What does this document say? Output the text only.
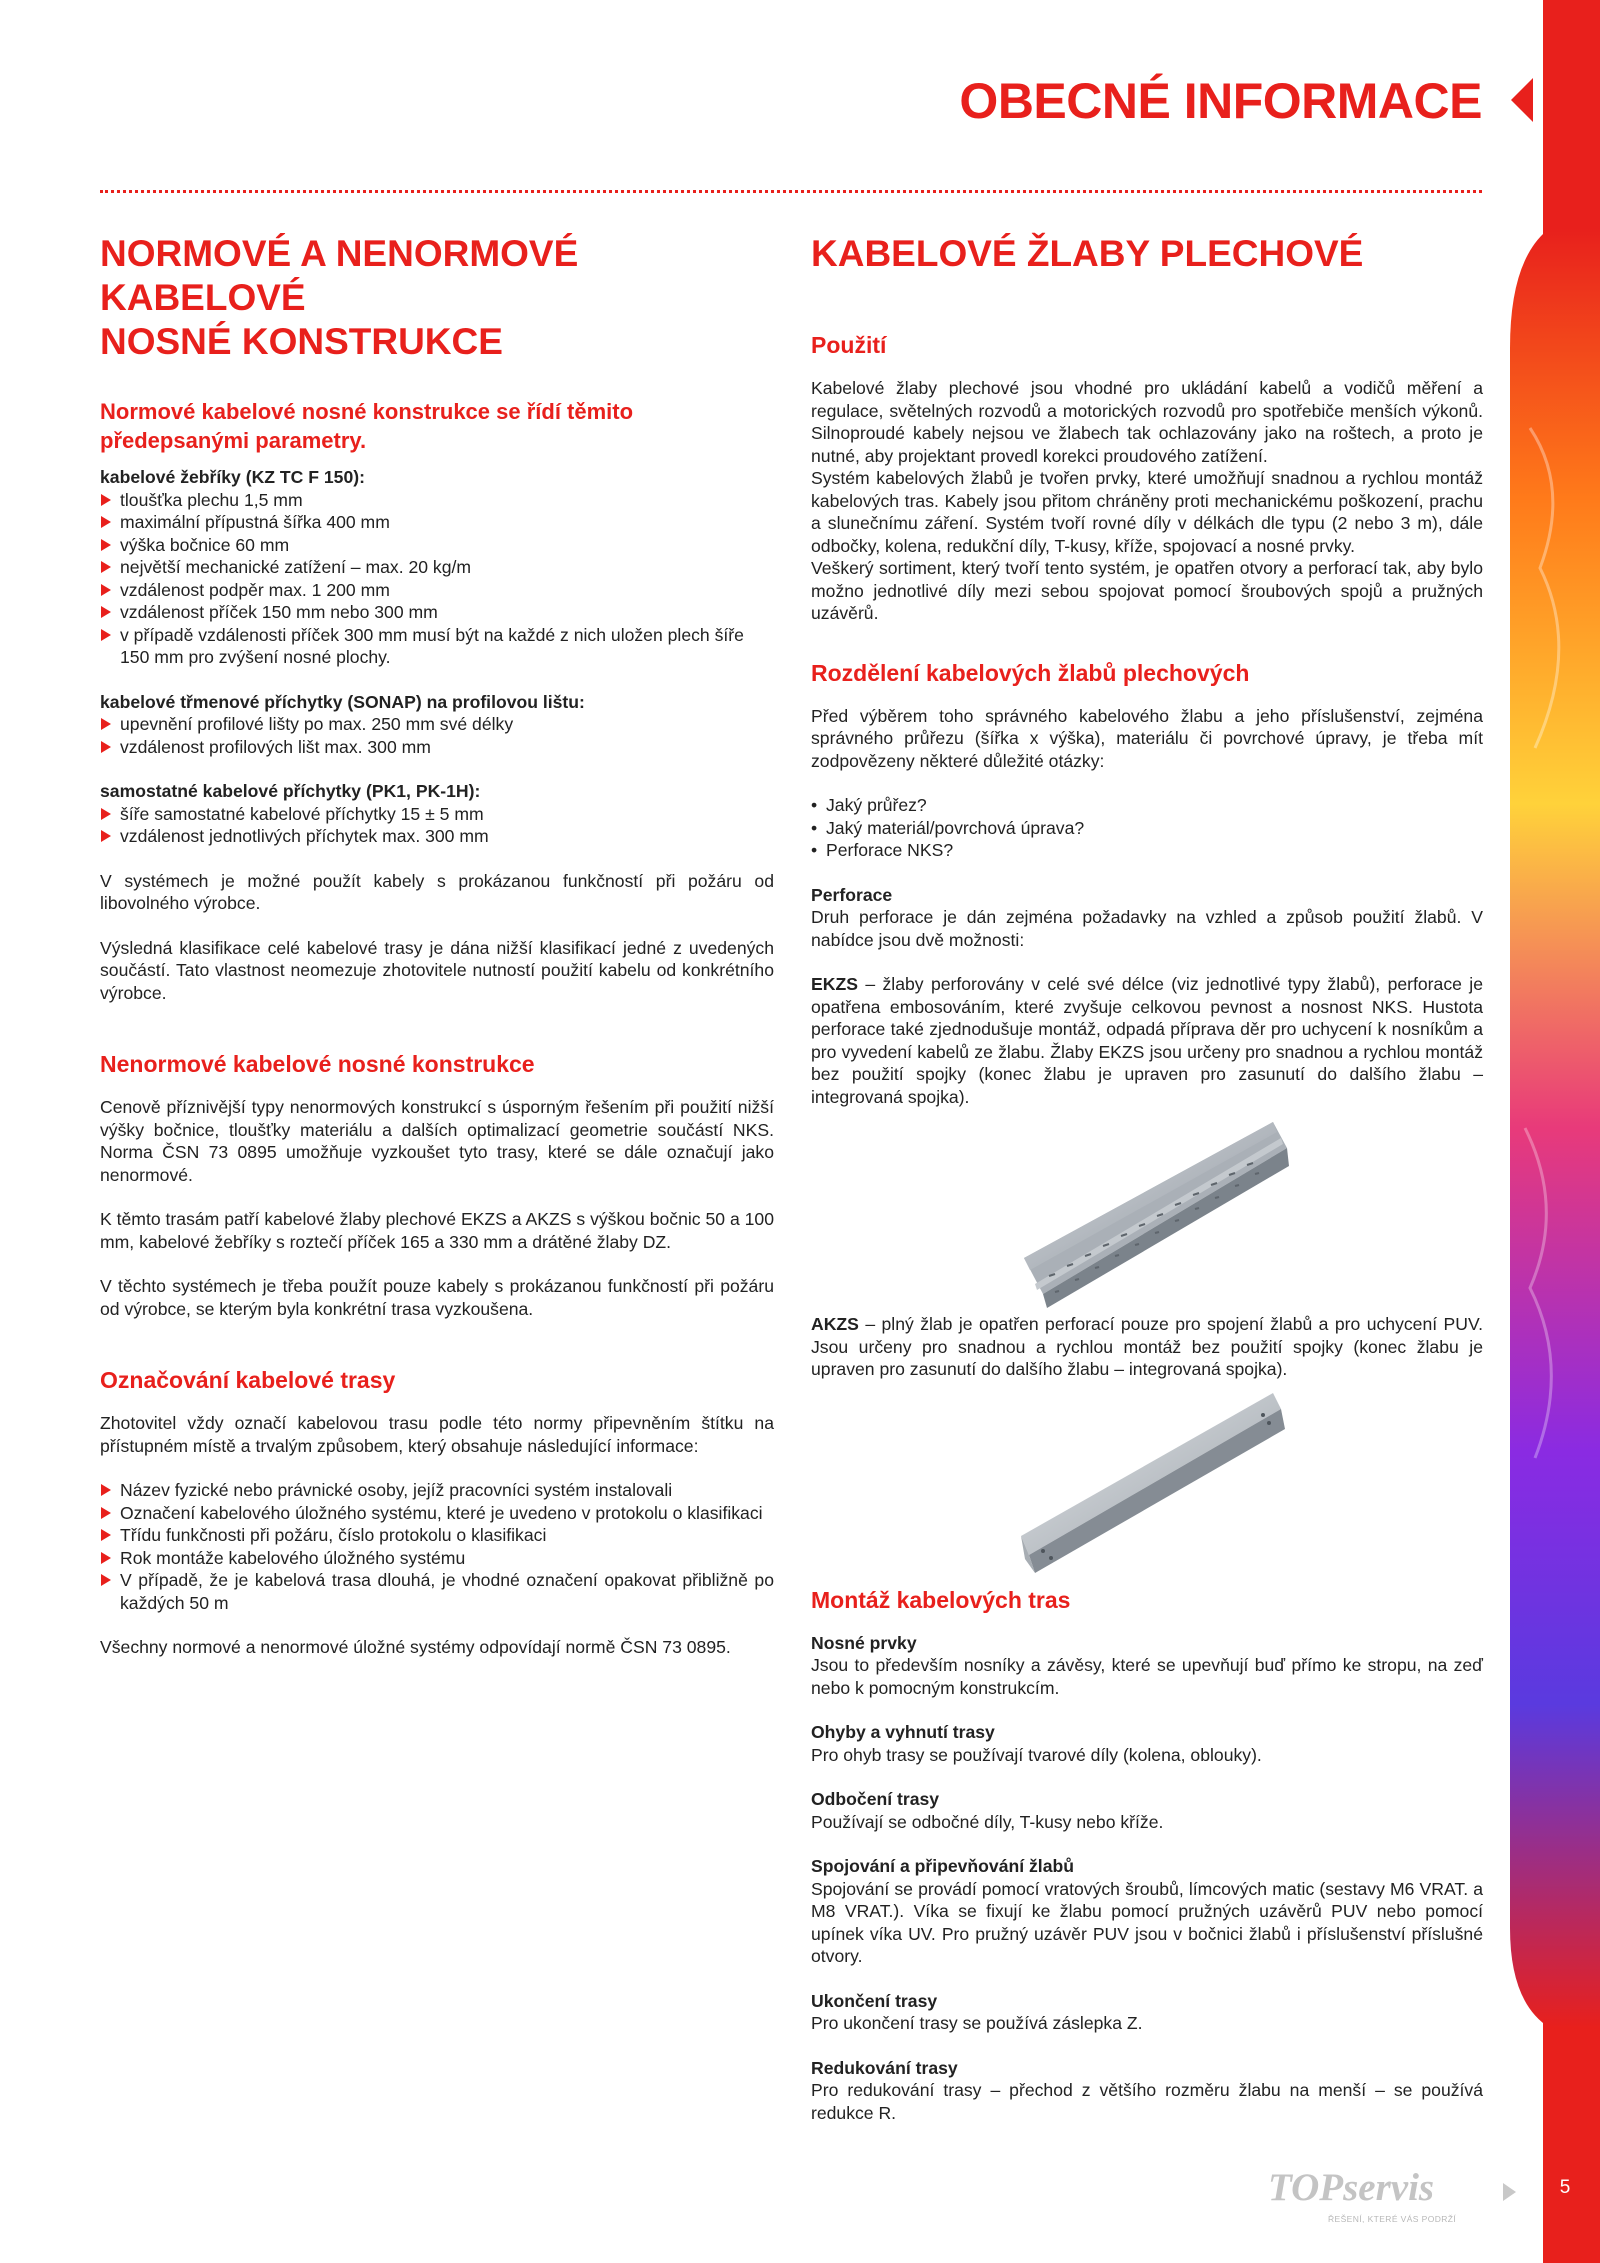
OBECNÉ INFORMACE
NORMOVÉ A NENORMOVÉ KABELOVÉ
NOSNÉ KONSTRUKCE

Normové kabelové nosné konstrukce se řídí těmito předepsanými parametry.

kabelové žebříky (KZ TC F 150):

tloušťka plechu 1,5 mm
maximální přípustná šířka 400 mm
výška bočnice 60 mm
největší mechanické zatížení – max. 20 kg/m
vzdálenost podpěr max. 1 200 mm
vzdálenost příček 150 mm nebo 300 mm
v případě vzdálenosti příček 300 mm musí být na každé z nich uložen plech šíře 150 mm pro zvýšení nosné plochy.

kabelové třmenové příchytky (SONAP) na profilovou lištu:

upevnění profilové lišty po max. 250 mm své délky
vzdálenost profilových lišt max. 300 mm

samostatné kabelové příchytky (PK1, PK-1H):

šíře samostatné kabelové příchytky 15 ± 5 mm
vzdálenost jednotlivých příchytek max. 300 mm

V systémech je možné použít kabely s prokázanou funkčností při požáru od libovolného výrobce.

Výsledná klasifikace celé kabelové trasy je dána nižší klasifikací jedné z uvedených součástí. Tato vlastnost neomezuje zhotovitele nutností použití kabelu od konkrétního výrobce.

Nenormové kabelové nosné konstrukce

Cenově příznivější typy nenormových konstrukcí s úsporným řešením při použití nižší výšky bočnice, tloušťky materiálu a dalších optimalizací geometrie součástí NKS. Norma ČSN 73 0895 umožňuje vyzkoušet tyto trasy, které se dále označují jako nenormové.

K těmto trasám patří kabelové žlaby plechové EKZS a AKZS s výškou bočnic 50 a 100 mm, kabelové žebříky s roztečí příček 165 a 330 mm a drátěné žlaby DZ.

V těchto systémech je třeba použít pouze kabely s prokázanou funkčností při požáru od výrobce, se kterým byla konkrétní trasa vyzkoušena.

Označování kabelové trasy

Zhotovitel vždy označí kabelovou trasu podle této normy připevněním štítku na přístupném místě a trvalým způsobem, který obsahuje následující informace:

Název fyzické nebo právnické osoby, jejíž pracovníci systém instalovali
Označení kabelového úložného systému, které je uvedeno v protokolu o klasifikaci
Třídu funkčnosti při požáru, číslo protokolu o klasifikaci
Rok montáže kabelového úložného systému
V případě, že je kabelová trasa dlouhá, je vhodné označení opakovat přibližně po každých 50 m

Všechny normové a nenormové úložné systémy odpovídají normě ČSN 73 0895.

KABELOVÉ ŽLABY PLECHOVÉ
Použití

Kabelové žlaby plechové jsou vhodné pro ukládání kabelů a vodičů měření a regulace, světelných rozvodů a motorických rozvodů pro spotřebiče menších výkonů. Silnoproudé kabely nejsou ve žlabech tak ochlazovány jako na roštech, a proto je nutné, aby projektant provedl korekci proudového zatížení.

Systém kabelových žlabů je tvořen prvky, které umožňují snadnou a rychlou montáž kabelových tras. Kabely jsou přitom chráněny proti mechanickému poškození, prachu a slunečnímu záření. Systém tvoří rovné díly v délkách dle typu (2 nebo 3 m), dále odbočky, kolena, redukční díly, T-kusy, kříže, spojovací a nosné prvky.

Veškerý sortiment, který tvoří tento systém, je opatřen otvory a perforací tak, aby bylo možno jednotlivé díly mezi sebou spojovat pomocí šroubových spojů a pružných uzávěrů.

Rozdělení kabelových žlabů plechových

Před výběrem toho správného kabelového žlabu a jeho příslušenství, zejména správného průřezu (šířka x výška), materiálu či povrchové úpravy, je třeba mít zodpovězeny některé důležité otázky:

• Jaký průřez?
• Jaký materiál/povrchová úprava?
• Perforace NKS?

Perforace

Druh perforace je dán zejména požadavky na vzhled a způsob použití žlabů. V nabídce jsou dvě možnosti:

EKZS – žlaby perforovány v celé své délce (viz jednotlivé typy žlabů), perforace je opatřena embosováním, které zvyšuje celkovou pevnost a nosnost NKS. Hustota perforace také zjednodušuje montáž, odpadá příprava děr pro uchycení k nosníkům a pro vyvedení kabelů ze žlabu. Žlaby EKZS jsou určeny pro snadnou a rychlou montáž bez použití spojky (konec žlabu je upraven pro zasunutí do dalšího žlabu – integrovaná spojka).

AKZS – plný žlab je opatřen perforací pouze pro spojení žlabů a pro uchycení PUV. Jsou určeny pro snadnou a rychlou montáž bez použití spojky (konec žlabu je upraven pro zasunutí do dalšího žlabu – integrovaná spojka).

Montáž kabelových tras

Nosné prvky

Jsou to především nosníky a závěsy, které se upevňují buď přímo ke stropu, na zeď nebo k pomocným konstrukcím.

Ohyby a vyhnutí trasy

Pro ohyb trasy se používají tvarové díly (kolena, oblouky).

Odbočení trasy

Používají se odbočné díly, T-kusy nebo kříže.

Spojování a připevňování žlabů

Spojování se provádí pomocí vratových šroubů, límcových matic (sestavy M6 VRAT. a M8 VRAT.). Víka se fixují ke žlabu pomocí pružných uzávěrů PUV nebo pomocí upínek víka UV. Pro pružný uzávěr PUV jsou v bočnici žlabů i příslušenství příslušné otvory.

Ukončení trasy

Pro ukončení trasy se používá záslepka Z.

Redukování trasy

Pro redukování trasy – přechod z většího rozměru žlabu na menší – se používá redukce R.

TOPservis

ŘEŠENÍ, KTERÉ VÁS PODRŽÍ

5
